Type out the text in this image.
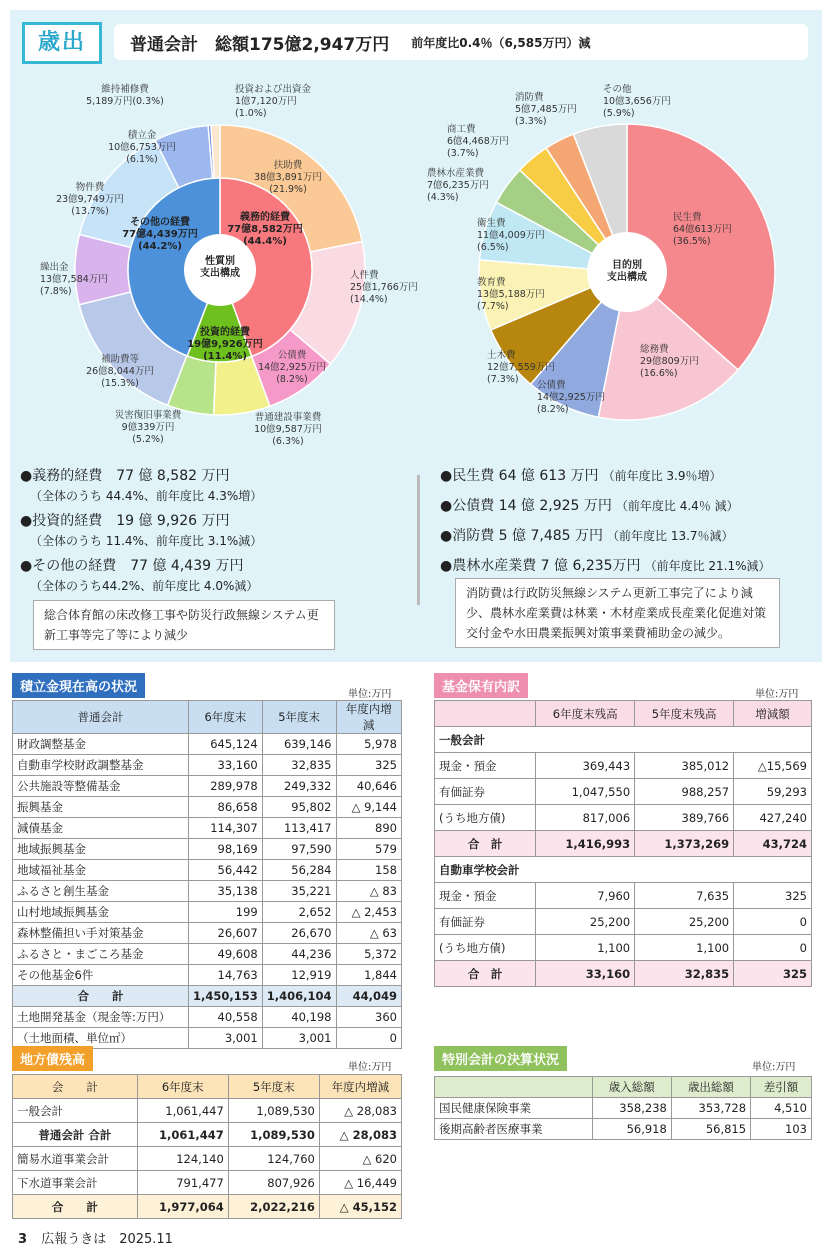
歳出	普通会計　総額175億2,947万円 前年度比0.4％（6,585万円）減
性質別支出構成
義務的経費 77億8,582万円(44.4%)
投資的経費 19億9,926万円(11.4%)
その他の経費 77億4,439万円(44.2%)
扶助費 38億3,891万円(21.9%)
人件費 25億1,766万円(14.4%)
公債費 14億2,925万円(8.2%)
普通建設事業費 10億9,587万円(6.3%)
災害復旧事業費 9億339万円(5.2%)
補助費等 26億8,044万円(15.3%)
繰出金 13億7,584万円(7.8%)
物件費 23億9,749万円(13.7%)
積立金 10億6,753万円(6.1%)
維持補修費 5,189万円(0.3%)
投資および出資金 1億7,120万円(1.0%)
目的別支出構成
民生費 64億613万円(36.5%)
総務費 29億809万円(16.6%)
公債費 14億2,925万円(8.2%)
土木費 12億7,559万円(7.3%)
教育費 13億5,188万円(7.7%)
衛生費 11億4,009万円(6.5%)
農林水産業費 7億6,235万円(4.3%)
商工費 6億4,468万円(3.7%)
消防費 5億7,485万円(3.3%)
その他 10億3,656万円(5.9%)
●義務的経費　77 億 8,582 万円
（全体のうち 44.4%、前年度比 4.3%増）
●投資的経費　19 億 9,926 万円
（全体のうち 11.4%、前年度比 3.1%減）
●その他の経費　77 億 4,439 万円
（全体のうち44.2%、前年度比 4.0%減）
●民生費 64 億 613 万円 （前年度比 3.9％増）
●公債費 14 億 2,925 万円 （前年度比 4.4％ 減）
●消防費 5 億 7,485 万円 （前年度比 13.7％減）
●農林水産業費 7 億 6,235万円 （前年度比 21.1%減）
総合体育館の床改修工事や防災行政無線システム更新工事等完了等により減少
消防費は行政防災無線システム更新工事完了により減少、農林水産業費は林業・木材産業成長産業化促進対策交付金や水田農業振興対策事業費補助金の減少。
積立金現在高の状況	単位:万円
普通会計	6年度末	5年度末	年度内増減
財政調整基金	645,124	639,146	5,978
自動車学校財政調整基金	33,160	32,835	325
公共施設等整備基金	289,978	249,332	40,646
振興基金	86,658	95,802	△ 9,144
減債基金	114,307	113,417	890
地域振興基金	98,169	97,590	579
地域福祉基金	56,442	56,284	158
ふるさと創生基金	35,138	35,221	△ 83
山村地域振興基金	199	2,652	△ 2,453
森林整備担い手対策基金	26,607	26,670	△ 63
ふるさと・まごころ基金	49,608	44,236	5,372
その他基金6件	14,763	12,919	1,844
合　　計	1,450,153	1,406,104	44,049
土地開発基金（現金等:万円）	40,558	40,198	360
（土地面積、単位㎡）	3,001	3,001	0
基金保有内訳	単位:万円
	6年度末残高	5年度末残高	増減額
一般会計			
現金・預金	369,443	385,012	△15,569
有価証券	1,047,550	988,257	59,293
(うち地方債)	817,006	389,766	427,240
合　計	1,416,993	1,373,269	43,724
自動車学校会計			
現金・預金	7,960	7,635	325
有価証券	25,200	25,200	0
(うち地方債)	1,100	1,100	0
合　計	33,160	32,835	325
地方債残高	単位:万円
会　　計	6年度末	5年度末	年度内増減
一般会計	1,061,447	1,089,530	△ 28,083
普通会計 合計	1,061,447	1,089,530	△ 28,083
簡易水道事業会計	124,140	124,760	△ 620
下水道事業会計	791,477	807,926	△ 16,449
合　　計	1,977,064	2,022,216	△ 45,152
特別会計の決算状況	単位:万円
	歳入総額	歳出総額	差引額
国民健康保険事業	358,238	353,728	4,510
後期高齢者医療事業	56,918	56,815	103
3 広報うきは　2025.11
